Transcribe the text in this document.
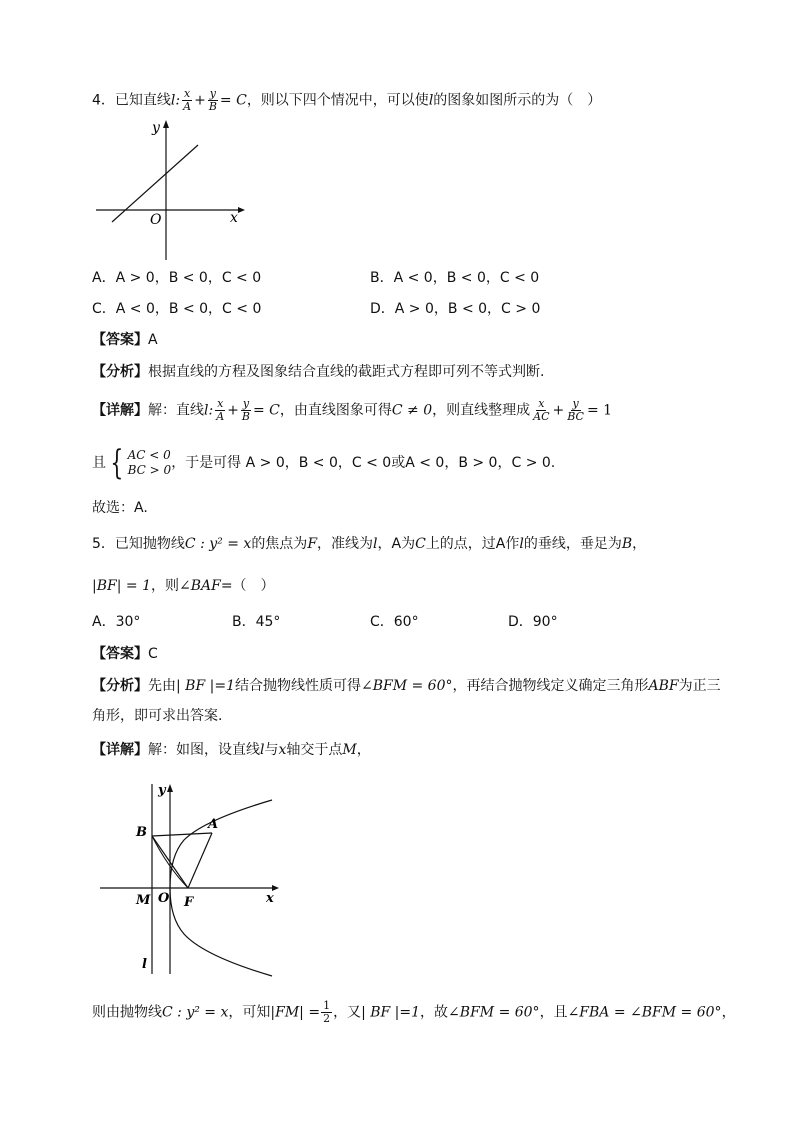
4．已知直线l: $\frac{x}{A} + \frac{y}{B} = C$，则以下四个情况中，可以使l的图象如图所示的为（　）
y
x
O
A．A > 0，B < 0，C < 0	B．A < 0，B < 0，C < 0
C．A < 0，B < 0，C < 0	D．A > 0，B < 0，C > 0
【答案】A
【分析】根据直线的方程及图象结合直线的截距式方程即可列不等式判断.
【详解】解：直线l: $\frac{x}{A} + \frac{y}{B} = C$，由直线图象可得C ≠ 0，则直线整理成 $\frac{x}{AC} + \frac{y}{BC} = 1$
且 { AC < 0
BC > 0 ，于是可得 A > 0，B < 0，C < 0或A < 0，B > 0，C > 0.
故选：A.
5．已知抛物线C : y² = x的焦点为F，准线为l，A为C上的点，过A作l的垂线，垂足为B，
|BF| = 1，则∠BAF=（　）
A．30°	B．45°	C．60°	D．90°
【答案】C
【分析】先由| BF |=1结合抛物线性质可得∠BFM = 60°，再结合抛物线定义确定三角形ABF为正三
角形，即可求出答案.
【详解】解：如图，设直线l与x轴交于点M，
y
x
B
A
M O F
l
则由抛物线C : y² = x，可知$|FM| = \frac{1}{2}$ ，又| BF |=1，故∠BFM = 60°，且∠FBA = ∠BFM = 60°，
